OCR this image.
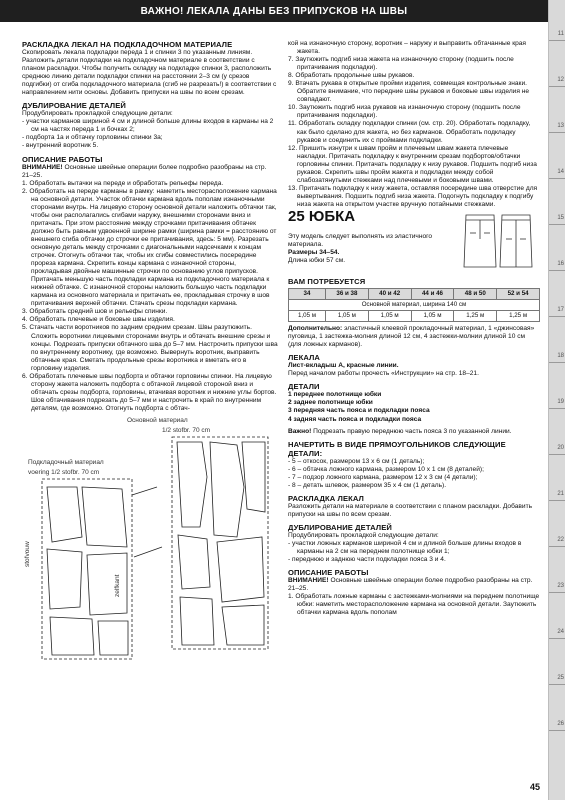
ВАЖНО! ЛЕКАЛА ДАНЫ БЕЗ ПРИПУСКОВ НА ШВЫ
11
12
13
14
15
16
17
18
19
20
21
22
23
24
25
26
РАСКЛАДКА ЛЕКАЛ НА ПОДКЛАДОЧНОМ МАТЕРИАЛЕ

Скопировать лекала подкладки переда 1 и спинки 3 по указанным линиям. Разложить детали подкладки на подкладочном материале в соответствии с планом раскладки. Чтобы получить складку на подкладке спинки 3, расположить среднюю линию детали подкладки спинки на расстоянии 2–3 см (у срезов подгибки) от сгиба подкладочного материала (сгиб не разрезать!) в соответствии с направлением нити основы. Добавить припуски на швы по всем срезам.

ДУБЛИРОВАНИЕ ДЕТАЛЕЙ

Продублировать прокладкой следующие детали:

- участки карманов шириной 4 см и длиной больше длины входов в карманы на 2 см на частях переда 1 и бочках 2;
- подборта 1а и обтачку горловины спинки 3а;
- внутренний воротник 5.
ОПИСАНИЕ РАБОТЫ

ВНИМАНИЕ! Основные швейные операции более подробно разобраны на стр. 21–25.

1. Обработать вытачки на переде и обработать рельефы переда.
2. Обработать на переде карманы в рамку: наметить месторасположение кармана на основной детали. Участок обтачки кармана вдоль пополам изнаночными сторонами внутрь. На лицевую сторону основной детали наложить обтачки так, чтобы они располагались сгибами наружу, внешними сторонами вниз и притачать. При этом расстояние между строчками притачивания обтачек должно быть равным удвоенной ширине рамки (ширина рамки = расстоянию от внешнего сгиба обтачки до строчки ее притачивания, здесь: 5 мм). Разрезать основную деталь между строчками с диагональными надсечками к концам строчек. Отогнуть обтачки так, чтобы их сгибы совместились посередине прореза кармана. Скрепить концы кармана с изнаночной стороны, прокладывая двойные машинные строчки по основанию углов припусков. Притачать меньшую часть подкладки кармана из подкладочного материала к нижней обтачке. С изнаночной стороны наложить большую часть подкладки кармана из основного материала и притачать ее, прокладывая строчку в шов притачивания верхней обтачки. Стачать срезы подкладки кармана.
3. Обработать средний шов и рельефы спинки.
4. Обработать плечевые и боковые швы изделия.
5. Стачать части воротников по задним средним срезам. Швы разутюжить. Сложить воротники лицевыми сторонами внутрь и обтачать внешние срезы и концы. Подрезать припуски обтачного шва до 5–7 мм. Настрочить припуски шва по внутреннему воротнику, где возможно. Вывернуть воротник, выправить обтачные края. Сметать продольные срезы воротника и вметать его в горловину изделия.
6. Обработать плечевые швы подборта и обтачки горловины спинки. На лицевую сторону жакета наложить подборта с обтачкой лицевой стороной вниз и обтачать срезы подборта, горловины, втачивая воротник и нижние углы бортов. Шов обтачивания подрезать до 5–7 мм и настрочить в край по внутренним деталям, где возможно. Отогнуть подборта с обтач-
Основной материал
1/2 stofbr. 70 cm
Подкладочный материал
voering 1/2 stofbr. 70 cm
stofvouw
zelfkant
кой на изнаночную сторону, воротник – наружу и выправить обтачанные края жакета.
7. Заутюжить подгиб низа жакета на изнаночную сторону (подшить после притачивания подкладки).
8. Обработать продольные швы рукавов.
9. Втачать рукава в открытые пройми изделия, совмещая контрольные знаки. Обратите внимание, что передние швы рукавов и боковые швы изделия не совпадают.
10. Заутюжить подгиб низа рукавов на изнаночную сторону (подшить после притачивания подкладки).
11. Обработать складку подкладки спинки (см. стр. 20). Обработать подкладку, как было сделано для жакета, но без карманов. Обработать подкладку рукавов и соединить их с проймами подкладки.
12. Пришить изнутри к швам пройм и плечевым швам жакета плечевые накладки. Притачать подкладку к внутренним срезам подбортов/обтачки горловины спинки. Притачать подкладку к низу рукавов. Подшить подгиб низа рукавов. Скрепить швы пройм жакета и подкладки между собой слабозатянутыми стежками над плечевыми и боковыми швами.
13. Притачать подкладку к низу жакета, оставляя посередине шва отверстие для вывертывания. Подшить подгиб низа жакета. Подогнуть подкладку к подгибу низа жакета на открытом участке вручную потайными стежками.
25 ЮБКА

Эту модель следует выполнять из эластичного материала.

Размеры 34–54.

Длина юбки 57 см.

ВАМ ПОТРЕБУЕТСЯ
34	36 и 38	40 и 42	44 и 46	48 и 50	52 и 54
Основной материал, ширина 140 см					
1,05 м	1,05 м	1,05 м	1,05 м	1,25 м	1,25 м

Дополнительно: эластичный клеевой прокладочный материал, 1 «джинсовая» пуговица, 1 застежка-молния длиной 12 см, 4 застежки-молнии длиной 10 см (для ложных карманов).

ЛЕКАЛА

Лист-вкладыш А, красные линии.

Перед началом работы прочесть «Инструкции» на стр. 18–21.

ДЕТАЛИ
1 переднее полотнище юбки
2 заднее полотнище юбки
3 передняя часть пояса и подкладки пояса
4 задняя часть пояса и подкладки пояса

Важно! Подрезать правую переднюю часть пояса 3 по указанной линии.

НАЧЕРТИТЬ В ВИДЕ ПРЯМОУГОЛЬНИКОВ СЛЕДУЮЩИЕ ДЕТАЛИ:
- 5 – откосок, размером 13 х 6 см (1 деталь);
- 6 – обтачка ложного кармана, размером 10 х 1 см (8 деталей);
- 7 – подзор ложного кармана, размером 12 х 3 см (4 детали);
- 8 – детать шлевок, размером 35 х 4 см (1 деталь).
РАСКЛАДКА ЛЕКАЛ

Разложить детали на материале в соответствии с планом раскладки. Добавить припуски на швы по всем срезам.

ДУБЛИРОВАНИЕ ДЕТАЛЕЙ

Продублировать прокладкой следующие детали:

- участки ложных карманов шириной 4 см и длиной больше длины входов в карманы на 2 см на переднем полотнище юбки 1;
- переднюю и заднюю части подкладки пояса 3 и 4.
ОПИСАНИЕ РАБОТЫ

ВНИМАНИЕ! Основные швейные операции более подробно разобраны на стр. 21–25.

1. Обработать ложные карманы с застежками-молниями на переднем полотнище юбки: наметить месторасположение кармана на основной детали. Заутюжить обтачки кармана вдоль пополам

45
